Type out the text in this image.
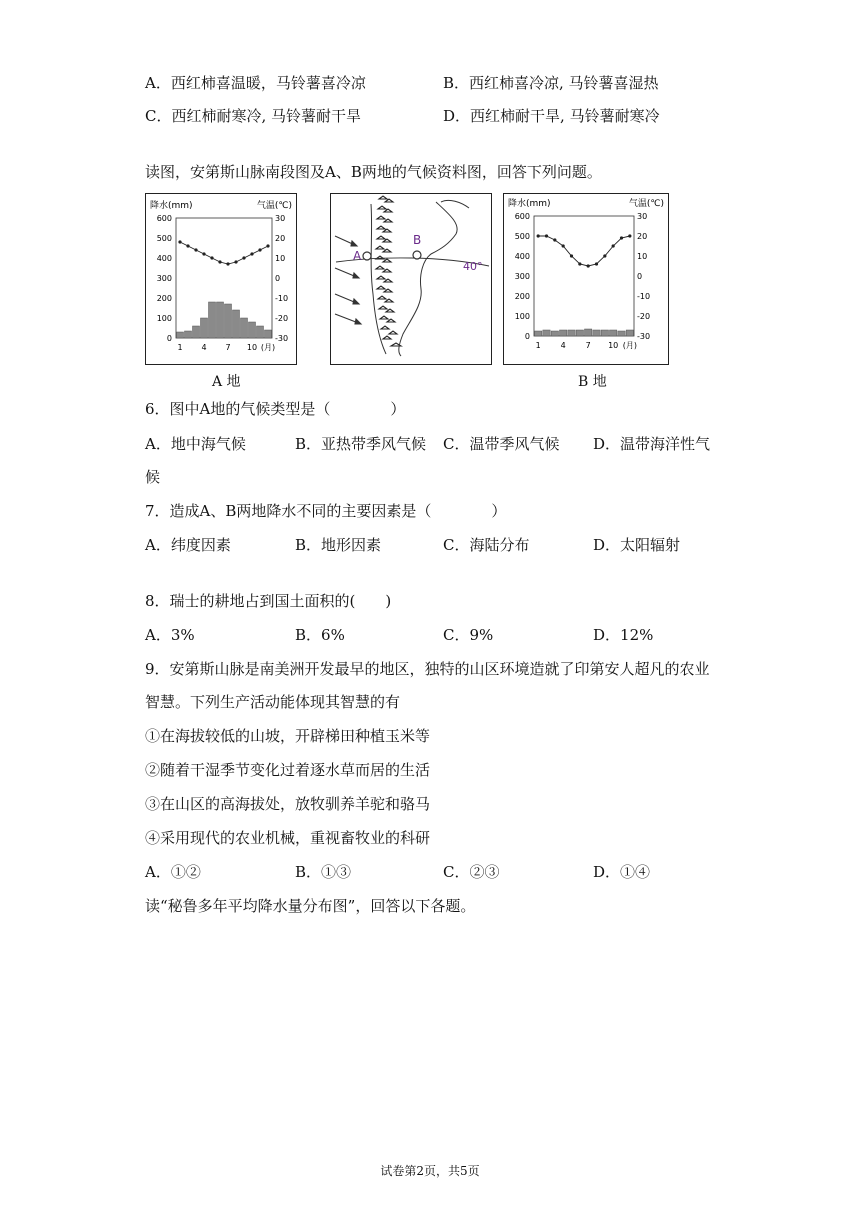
A．西红柿喜温暖，马铃薯喜冷凉	B．西红柿喜冷凉, 马铃薯喜湿热
C．西红柿耐寒冷, 马铃薯耐干旱	D．西红柿耐干旱, 马铃薯耐寒冷
读图，安第斯山脉南段图及A、B两地的气候资料图，回答下列问题。
降水(mm)	气温(℃)
600
500
400
300
200
100
0
30
20
10
0
-10
-20
-30
1 4 7 10 (月)
A 地
40°
A
B
降水(mm)	气温(℃)
600
500
400
300
200
100
0
30
20
10
0
-10
-20
-30
1 4 7 10 (月)
B 地
6．图中A地的气候类型是（　　　　）
A．地中海气候	B．亚热带季风气候 C．温带季风气候 D．温带海洋性气
候
7．造成A、B两地降水不同的主要因素是（　　　　）
A．纬度因素	B．地形因素	C．海陆分布	D．太阳辐射
8．瑞士的耕地占到国土面积的(　　)
A．3%	B．6%	C．9%	D．12%
9．安第斯山脉是南美洲开发最早的地区，独特的山区环境造就了印第安人超凡的农业
智慧。下列生产活动能体现其智慧的有
①在海拔较低的山坡，开辟梯田种植玉米等
②随着干湿季节变化过着逐水草而居的生活
③在山区的高海拔处，放牧驯养羊驼和骆马
④采用现代的农业机械，重视畜牧业的科研
A．①②	B．①③	C．②③	D．①④
读“秘鲁多年平均降水量分布图”，回答以下各题。
试卷第2页，共5页
